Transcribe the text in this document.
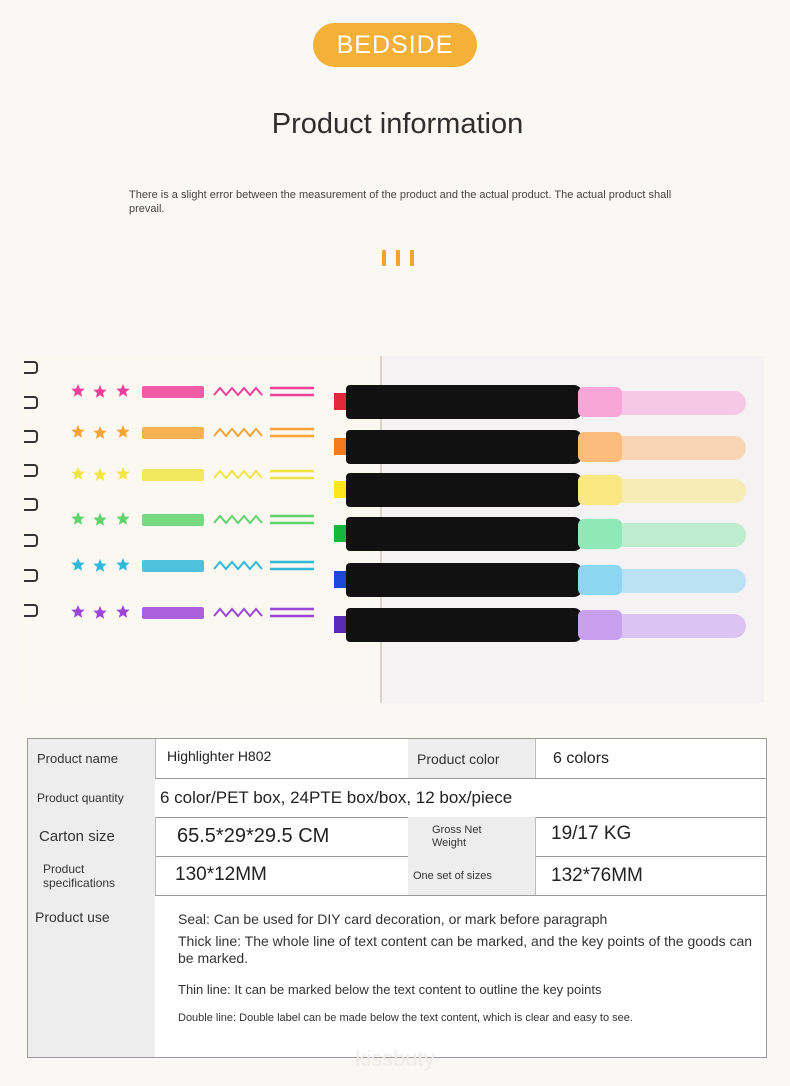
BEDSIDE
Product information
There is a slight error between the measurement of the product and the actual product. The actual product shall prevail.
Product name	Highlighter H802	Product color	6 colors
Product quantity	6 color/PET box, 24PTE box/box, 12 box/piece
Carton size	65.5*29*29.5 CM	Gross Net Weight	19/17 KG
Product specifications	130*12MM	One set of sizes	132*76MM
Product use	Seal: Can be used for DIY card decoration, or mark before paragraph
Thick line: The whole line of text content can be marked, and the key points of the goods can be marked.
Thin line: It can be marked below the text content to outline the key points
Double line: Double label can be made below the text content, which is clear and easy to see.
kissbuty
